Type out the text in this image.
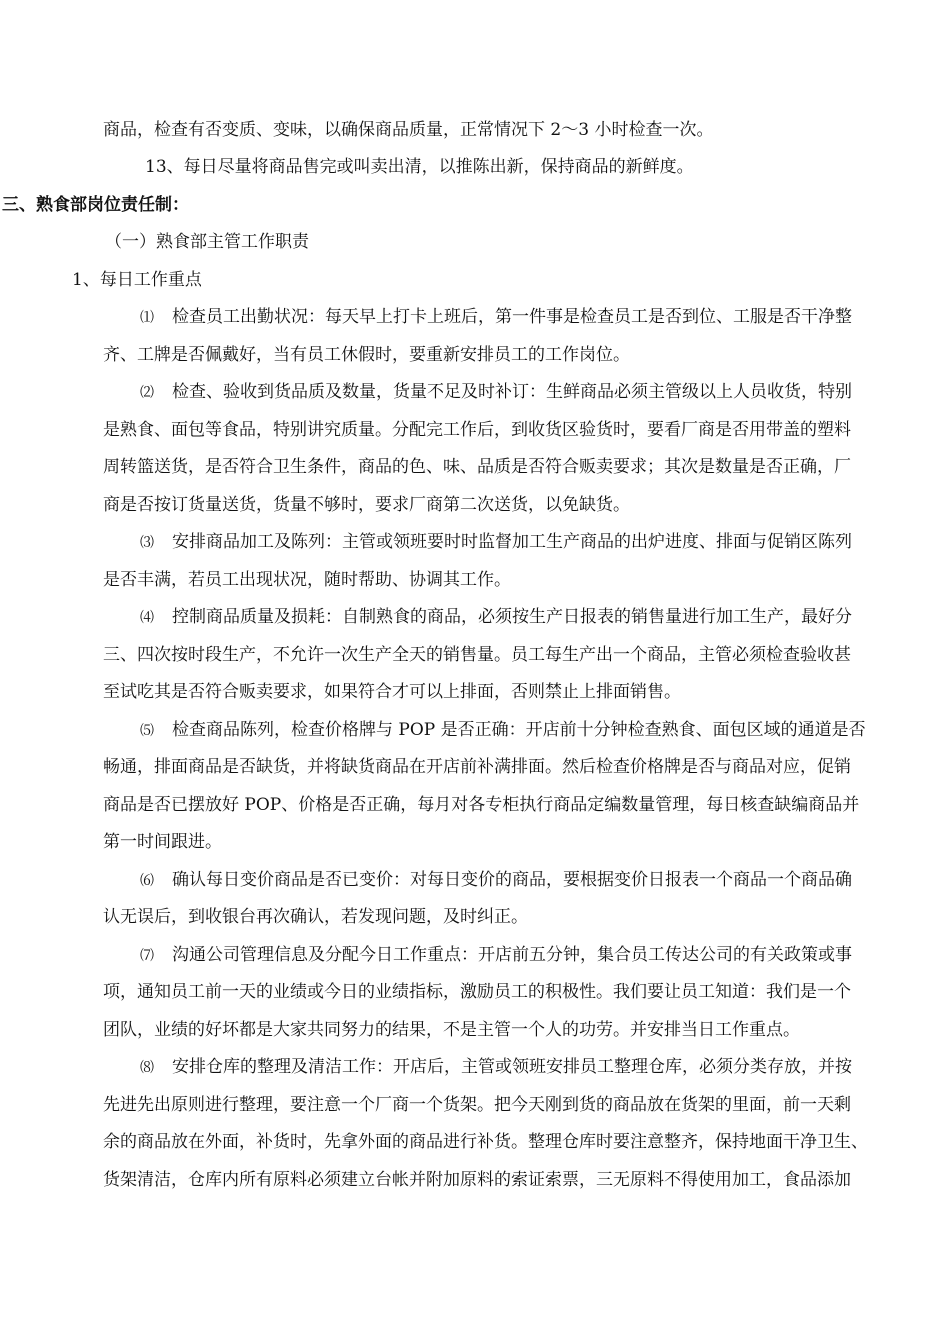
商品，检查有否变质、变味，以确保商品质量，正常情况下 2～3 小时检查一次。
13、每日尽量将商品售完或叫卖出清，以推陈出新，保持商品的新鲜度。
三、熟食部岗位责任制：
（一）熟食部主管工作职责
1、每日工作重点
⑴ 检查员工出勤状况：每天早上打卡上班后，第一件事是检查员工是否到位、工服是否干净整
齐、工牌是否佩戴好，当有员工休假时，要重新安排员工的工作岗位。
⑵ 检查、验收到货品质及数量，货量不足及时补订：生鲜商品必须主管级以上人员收货，特别
是熟食、面包等食品，特别讲究质量。分配完工作后，到收货区验货时，要看厂商是否用带盖的塑料
周转篮送货，是否符合卫生条件，商品的色、味、品质是否符合贩卖要求；其次是数量是否正确，厂
商是否按订货量送货，货量不够时，要求厂商第二次送货，以免缺货。
⑶ 安排商品加工及陈列：主管或领班要时时监督加工生产商品的出炉进度、排面与促销区陈列
是否丰满，若员工出现状况，随时帮助、协调其工作。
⑷ 控制商品质量及损耗：自制熟食的商品，必须按生产日报表的销售量进行加工生产，最好分
三、四次按时段生产，不允许一次生产全天的销售量。员工每生产出一个商品，主管必须检查验收甚
至试吃其是否符合贩卖要求，如果符合才可以上排面，否则禁止上排面销售。
⑸ 检查商品陈列，检查价格牌与 POP 是否正确：开店前十分钟检查熟食、面包区域的通道是否
畅通，排面商品是否缺货，并将缺货商品在开店前补满排面。然后检查价格牌是否与商品对应，促销
商品是否已摆放好 POP、价格是否正确，每月对各专柜执行商品定编数量管理，每日核查缺编商品并
第一时间跟进。
⑹ 确认每日变价商品是否已变价：对每日变价的商品，要根据变价日报表一个商品一个商品确
认无误后，到收银台再次确认，若发现问题，及时纠正。
⑺ 沟通公司管理信息及分配今日工作重点：开店前五分钟，集合员工传达公司的有关政策或事
项，通知员工前一天的业绩或今日的业绩指标，激励员工的积极性。我们要让员工知道：我们是一个
团队，业绩的好坏都是大家共同努力的结果，不是主管一个人的功劳。并安排当日工作重点。
⑻ 安排仓库的整理及清洁工作：开店后，主管或领班安排员工整理仓库，必须分类存放，并按
先进先出原则进行整理，要注意一个厂商一个货架。把今天刚到货的商品放在货架的里面，前一天剩
余的商品放在外面，补货时，先拿外面的商品进行补货。整理仓库时要注意整齐，保持地面干净卫生、
货架清洁，仓库内所有原料必须建立台帐并附加原料的索证索票，三无原料不得使用加工，食品添加
